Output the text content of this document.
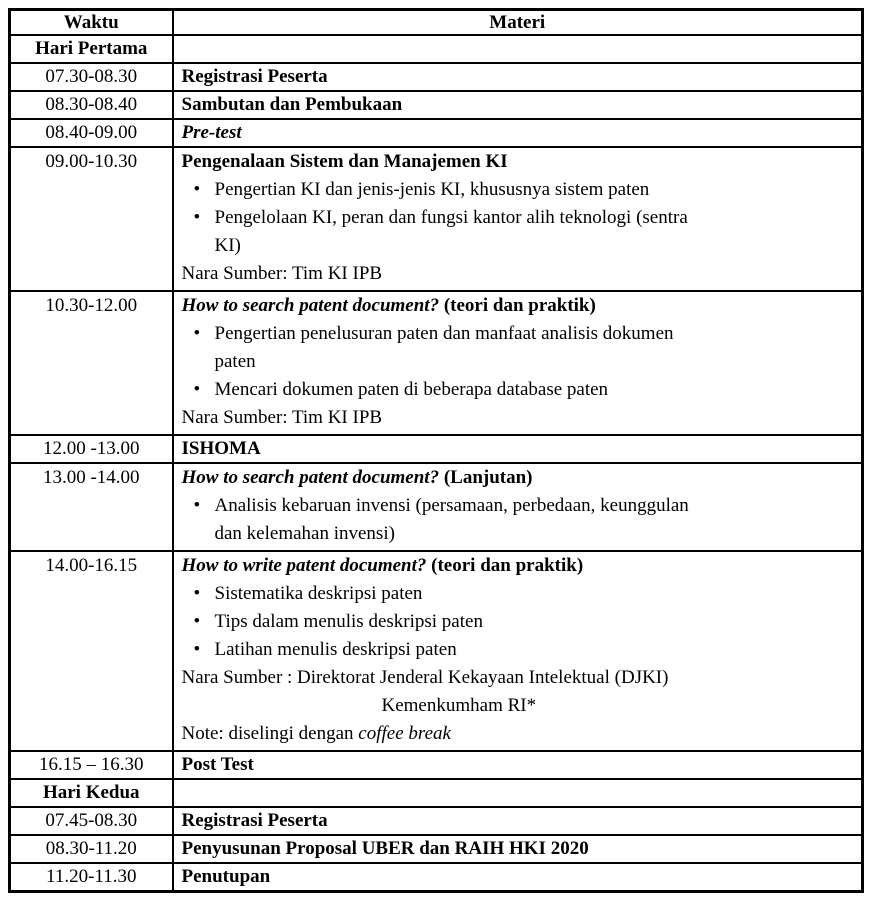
Waktu	Materi
Hari Pertama	
07.30-08.30	Registrasi Peserta

08.30-08.40	Sambutan dan Pembukaan

08.40-09.00	Pre-test

09.00-10.30	Pengenalaan Sistem dan Manajemen KI
• Pengertian KI dan jenis-jenis KI, khususnya sistem paten
• Pengelolaan KI, peran dan fungsi kantor alih teknologi (sentra
KI)
Nara Sumber: Tim KI IPB

10.30-12.00	How to search patent document? (teori dan praktik)
• Pengertian penelusuran paten dan manfaat analisis dokumen
paten
• Mencari dokumen paten di beberapa database paten
Nara Sumber: Tim KI IPB

12.00 -13.00	ISHOMA

13.00 -14.00	How to search patent document? (Lanjutan)
• Analisis kebaruan invensi (persamaan, perbedaan, keunggulan
dan kelemahan invensi)

14.00-16.15	How to write patent document? (teori dan praktik)
• Sistematika deskripsi paten
• Tips dalam menulis deskripsi paten
• Latihan menulis deskripsi paten
Nara Sumber : Direktorat Jenderal Kekayaan Intelektual (DJKI)
Kemenkumham RI*
Note: diselingi dengan coffee break

16.15 – 16.30	Post Test

Hari Kedua	
07.45-08.30	Registrasi Peserta

08.30-11.20	Penyusunan Proposal UBER dan RAIH HKI 2020

11.20-11.30	Penutupan
